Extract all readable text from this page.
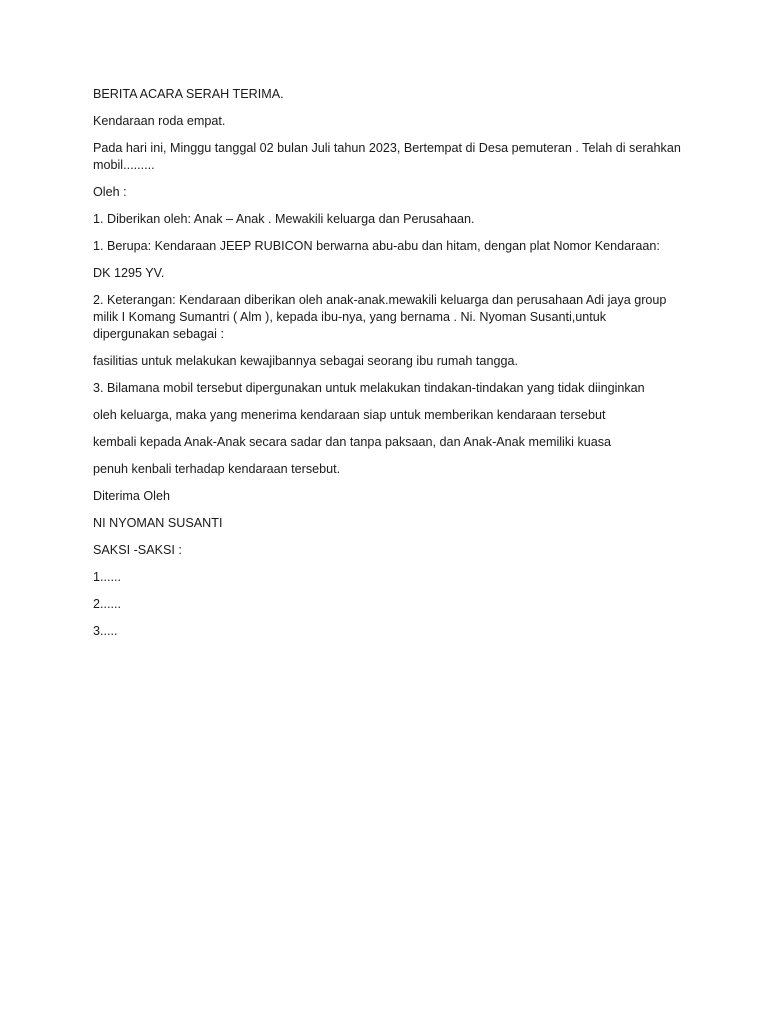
BERITA ACARA SERAH TERIMA.

Kendaraan roda empat.

Pada hari ini, Minggu tanggal 02 bulan Juli tahun 2023, Bertempat di Desa pemuteran . Telah di serahkan mobil.........

Oleh :

1. Diberikan oleh: Anak – Anak . Mewakili keluarga dan Perusahaan.

1. Berupa: Kendaraan JEEP RUBICON berwarna abu-abu dan hitam, dengan plat Nomor Kendaraan:

DK 1295 YV.

2. Keterangan: Kendaraan diberikan oleh anak-anak.mewakili keluarga dan perusahaan Adi jaya group milik I Komang Sumantri ( Alm ), kepada ibu-nya, yang bernama . Ni. Nyoman Susanti,untuk dipergunakan sebagai :

fasilitias untuk melakukan kewajibannya sebagai seorang ibu rumah tangga.

3. Bilamana mobil tersebut dipergunakan untuk melakukan tindakan-tindakan yang tidak diinginkan

oleh keluarga, maka yang menerima kendaraan siap untuk memberikan kendaraan tersebut

kembali kepada Anak-Anak secara sadar dan tanpa paksaan, dan Anak-Anak memiliki kuasa

penuh kenbali terhadap kendaraan tersebut.

Diterima Oleh

NI NYOMAN SUSANTI

SAKSI -SAKSI :

1......

2......

3.....
